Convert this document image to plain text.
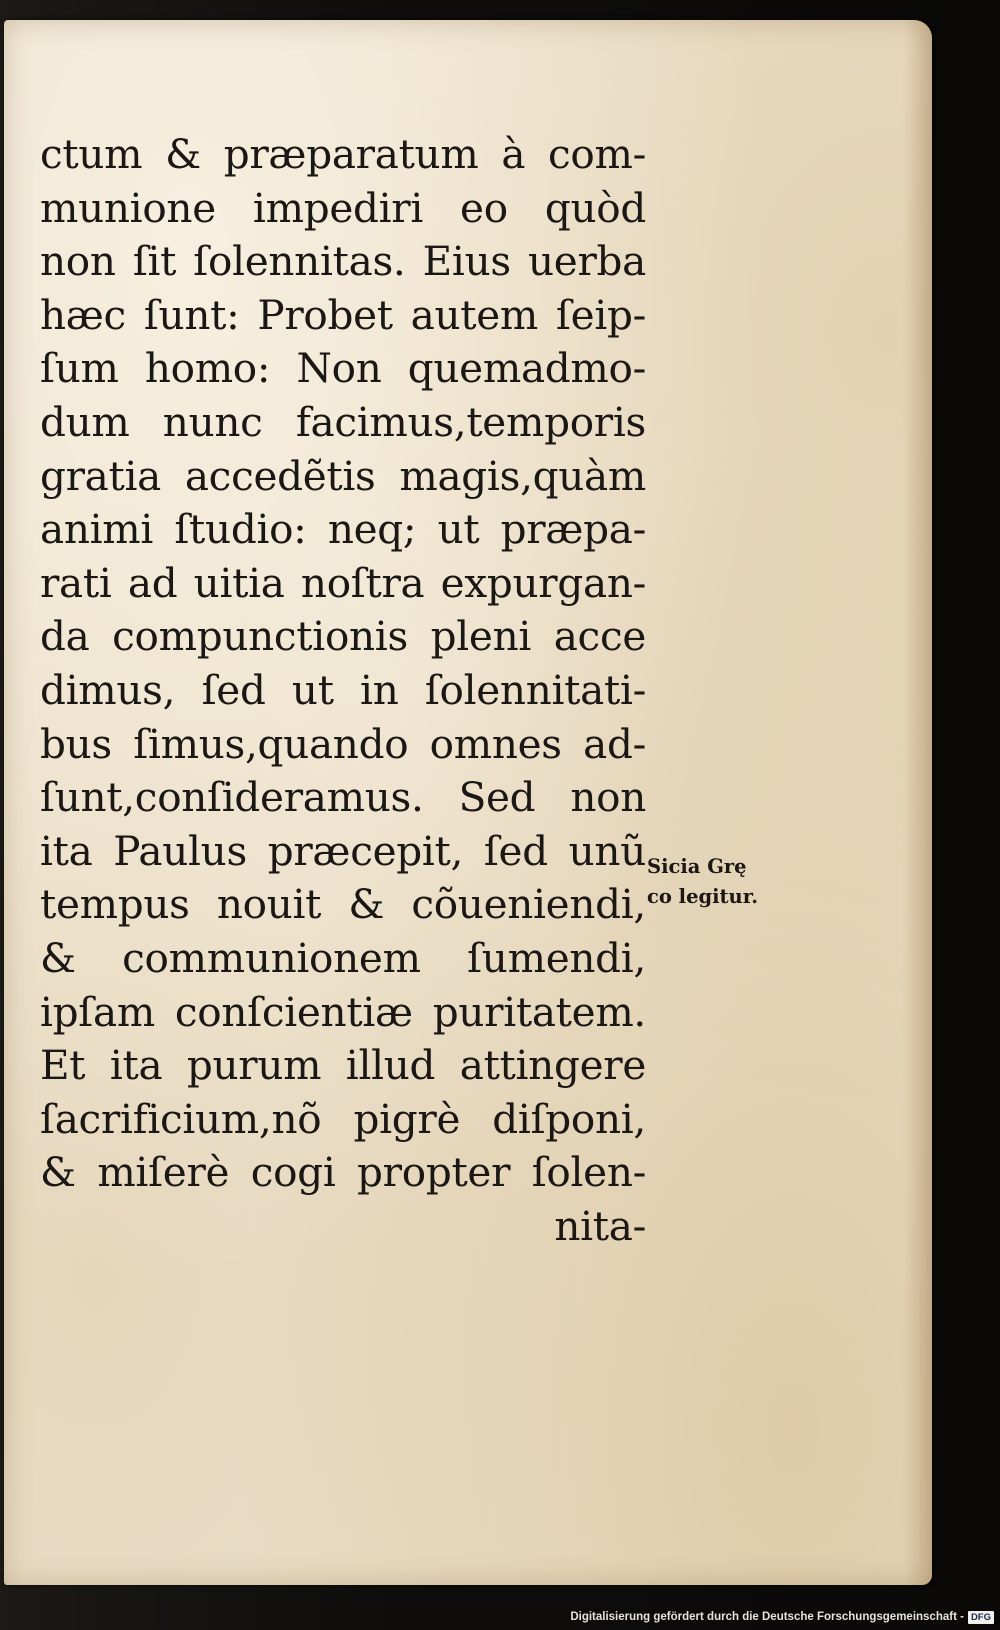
ctum & præparatum à com-
munione impediri eo quòd
non ſit ſolennitas. Eius uerba
hæc ſunt: Probet autem ſeip-
ſum homo: Non quemadmo-
dum nunc facimus,temporis
gratia accedẽtis magis,quàm
animi ſtudio: neq; ut præpa-
rati ad uitia noſtra expurgan-
da compunctionis pleni acce
dimus, ſed ut in ſolennitati-
bus ſimus,quando omnes ad-
ſunt,conſideramus. Sed non
ita Paulus præcepit, ſed unũ
tempus nouit & cõueniendi,
& communionem ſumendi,
ipſam conſcientiæ puritatem.
Et ita purum illud attingere
ſacrificium,nõ pigrè diſponi,
& miſerè cogi propter ſolen-
nita-
Sicia Grę
co legitur.
Digitalisierung gefördert durch die Deutsche Forschungsgemeinschaft - DFG
